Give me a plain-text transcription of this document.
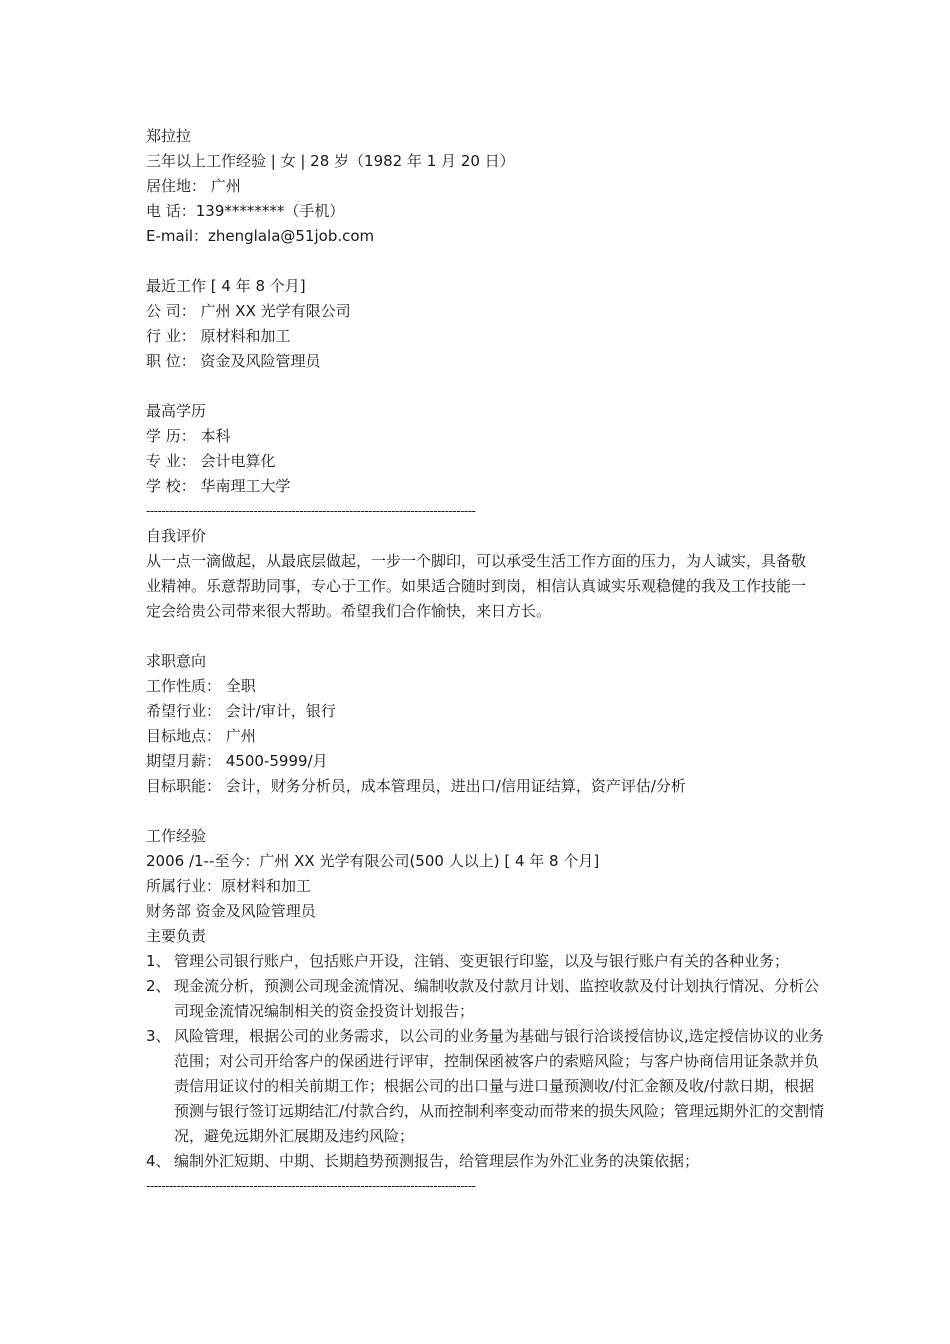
郑拉拉
三年以上工作经验 | 女 | 28 岁（1982 年 1 月 20 日）
居住地： 广州
电 话：139********（手机）
E-mail：zhenglala@51job.com
最近工作 [ 4 年 8 个月]
公 司： 广州 XX 光学有限公司
行 业： 原材料和加工
职 位： 资金及风险管理员
最高学历
学 历： 本科
专 业： 会计电算化
学 校： 华南理工大学
--------------------------------------------------------------------------------------
自我评价
从一点一滴做起，从最底层做起，一步一个脚印，可以承受生活工作方面的压力，为人诚实，具备敬业精神。乐意帮助同事，专心于工作。如果适合随时到岗，相信认真诚实乐观稳健的我及工作技能一定会给贵公司带来很大帮助。希望我们合作愉快，来日方长。
求职意向
工作性质： 全职
希望行业： 会计/审计，银行
目标地点： 广州
期望月薪： 4500-5999/月
目标职能： 会计，财务分析员，成本管理员，进出口/信用证结算，资产评估/分析
工作经验
2006 /1--至今：广州 XX 光学有限公司(500 人以上) [ 4 年 8 个月]
所属行业：原材料和加工
财务部 资金及风险管理员
主要负责
1、 管理公司银行账户，包括账户开设，注销、变更银行印鉴，以及与银行账户有关的各种业务；
2、 现金流分析，预测公司现金流情况、编制收款及付款月计划、监控收款及付计划执行情况、分析公司现金流情况编制相关的资金投资计划报告；
3、 风险管理，根据公司的业务需求，以公司的业务量为基础与银行洽谈授信协议,选定授信协议的业务范围；对公司开给客户的保函进行评审，控制保函被客户的索赔风险；与客户协商信用证条款并负责信用证议付的相关前期工作；根据公司的出口量与进口量预测收/付汇金额及收/付款日期，根据预测与银行签订远期结汇/付款合约，从而控制利率变动而带来的损失风险；管理远期外汇的交割情况，避免远期外汇展期及违约风险；
4、 编制外汇短期、中期、长期趋势预测报告，给管理层作为外汇业务的决策依据；
--------------------------------------------------------------------------------------
